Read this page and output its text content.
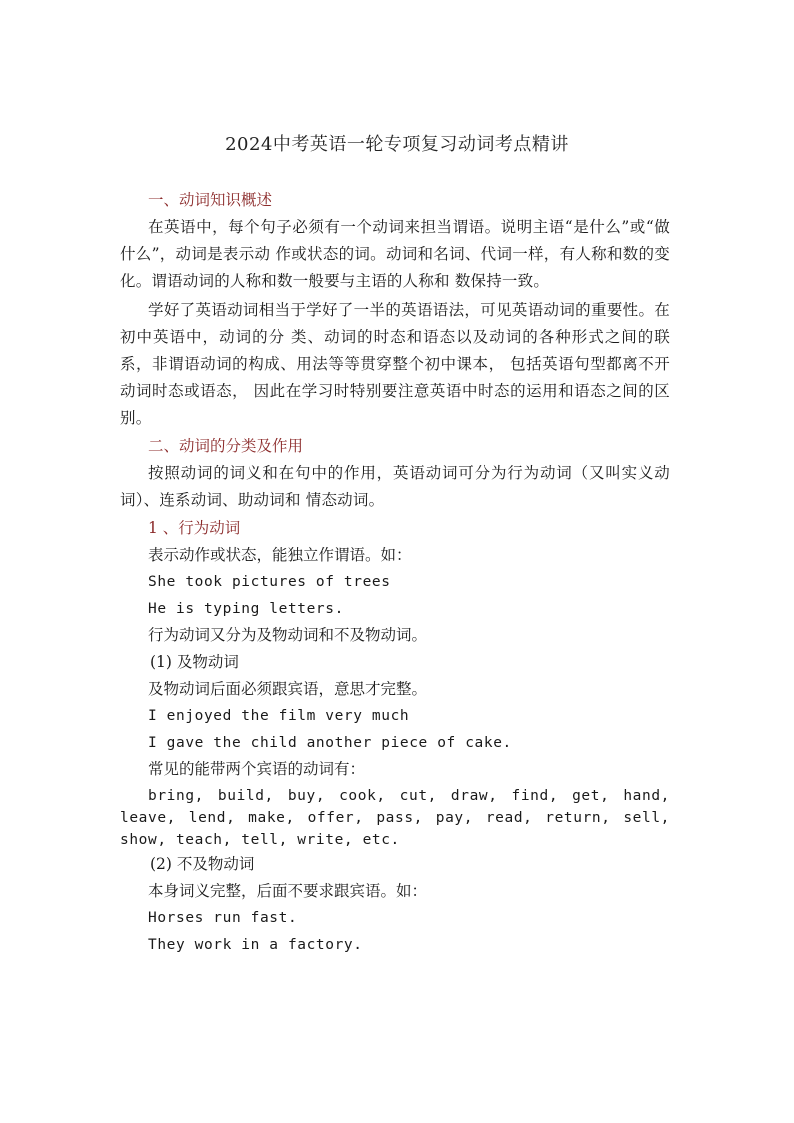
2024中考英语一轮专项复习动词考点精讲

一、动词知识概述

在英语中，每个句子必须有一个动词来担当谓语。说明主语“是什么”或“做什么”，动词是表示动 作或状态的词。动词和名词、代词一样，有人称和数的变化。谓语动词的人称和数一般要与主语的人称和 数保持一致。

学好了英语动词相当于学好了一半的英语语法，可见英语动词的重要性。在初中英语中，动词的分 类、动词的时态和语态以及动词的各种形式之间的联系，非谓语动词的构成、用法等等贯穿整个初中课本， 包括英语句型都离不开动词时态或语态， 因此在学习时特别要注意英语中时态的运用和语态之间的区别。

二、动词的分类及作用

按照动词的词义和在句中的作用，英语动词可分为行为动词（又叫实义动词）、连系动词、助动词和 情态动词。

1 、行为动词

表示动作或状态，能独立作谓语。如：

She took pictures of trees

He is typing letters.

行为动词又分为及物动词和不及物动词。

(1) 及物动词

及物动词后面必须跟宾语，意思才完整。

I enjoyed the film very much

I gave the child another piece of cake.

常见的能带两个宾语的动词有：

bring, build, buy, cook, cut, draw, find, get, hand, leave, lend, make, offer, pass, pay, read, return, sell, show, teach, tell, write, etc.

(2) 不及物动词

本身词义完整，后面不要求跟宾语。如：

Horses run fast.

They work in a factory.
